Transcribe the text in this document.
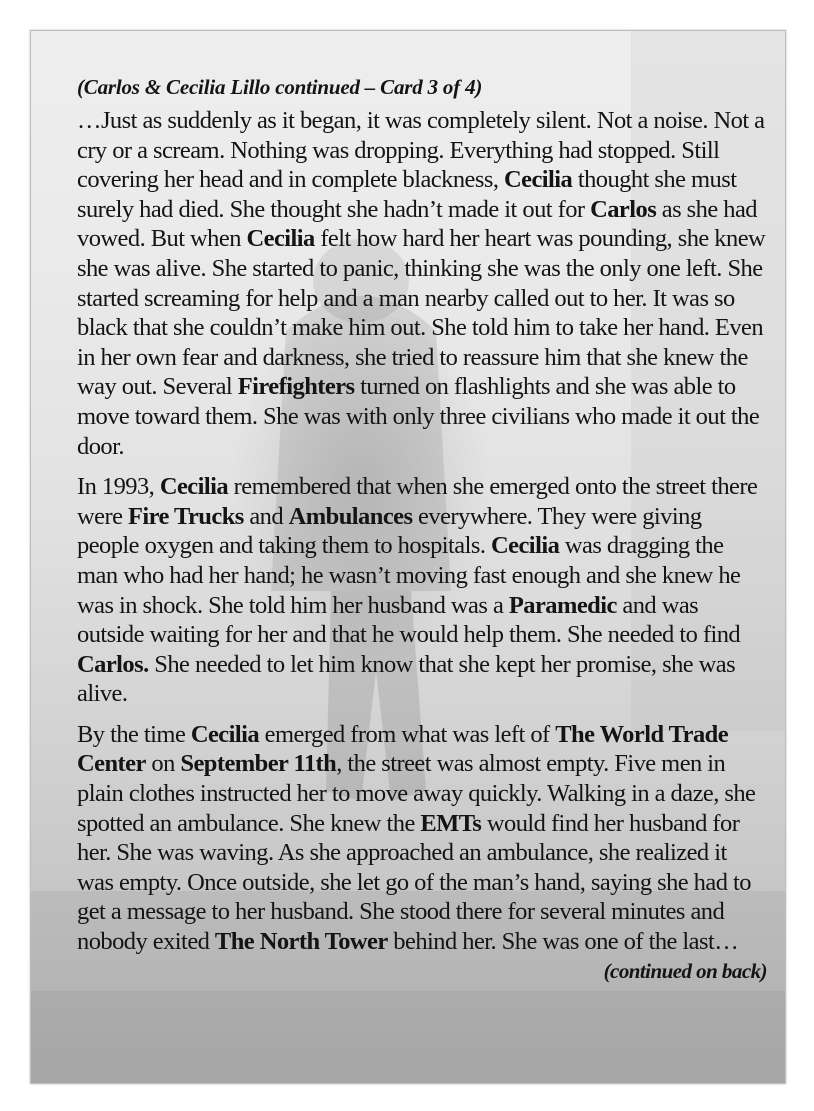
(Carlos & Cecilia Lillo continued – Card 3 of 4)

…Just as suddenly as it began, it was completely silent. Not a noise. Not a cry or a scream. Nothing was dropping. Everything had stopped. Still covering her head and in complete blackness, Cecilia thought she must surely had died. She thought she hadn’t made it out for Carlos as she had vowed. But when Cecilia felt how hard her heart was pounding, she knew she was alive. She started to panic, thinking she was the only one left. She started screaming for help and a man nearby called out to her. It was so black that she couldn’t make him out. She told him to take her hand. Even in her own fear and darkness, she tried to reassure him that she knew the way out. Several Firefighters turned on flashlights and she was able to move toward them. She was with only three civilians who made it out the door.

In 1993, Cecilia remembered that when she emerged onto the street there were Fire Trucks and Ambulances everywhere. They were giving people oxygen and taking them to hospitals. Cecilia was dragging the man who had her hand; he wasn’t moving fast enough and she knew he was in shock. She told him her husband was a Paramedic and was outside waiting for her and that he would help them. She needed to find Carlos. She needed to let him know that she kept her promise, she was alive.

By the time Cecilia emerged from what was left of The World Trade Center on September 11th, the street was almost empty. Five men in plain clothes instructed her to move away quickly. Walking in a daze, she spotted an ambulance. She knew the EMTs would find her husband for her. She was waving. As she approached an ambulance, she realized it was empty. Once outside, she let go of the man’s hand, saying she had to get a message to her husband. She stood there for several minutes and nobody exited The North Tower behind her. She was one of the last…
(continued on back)
